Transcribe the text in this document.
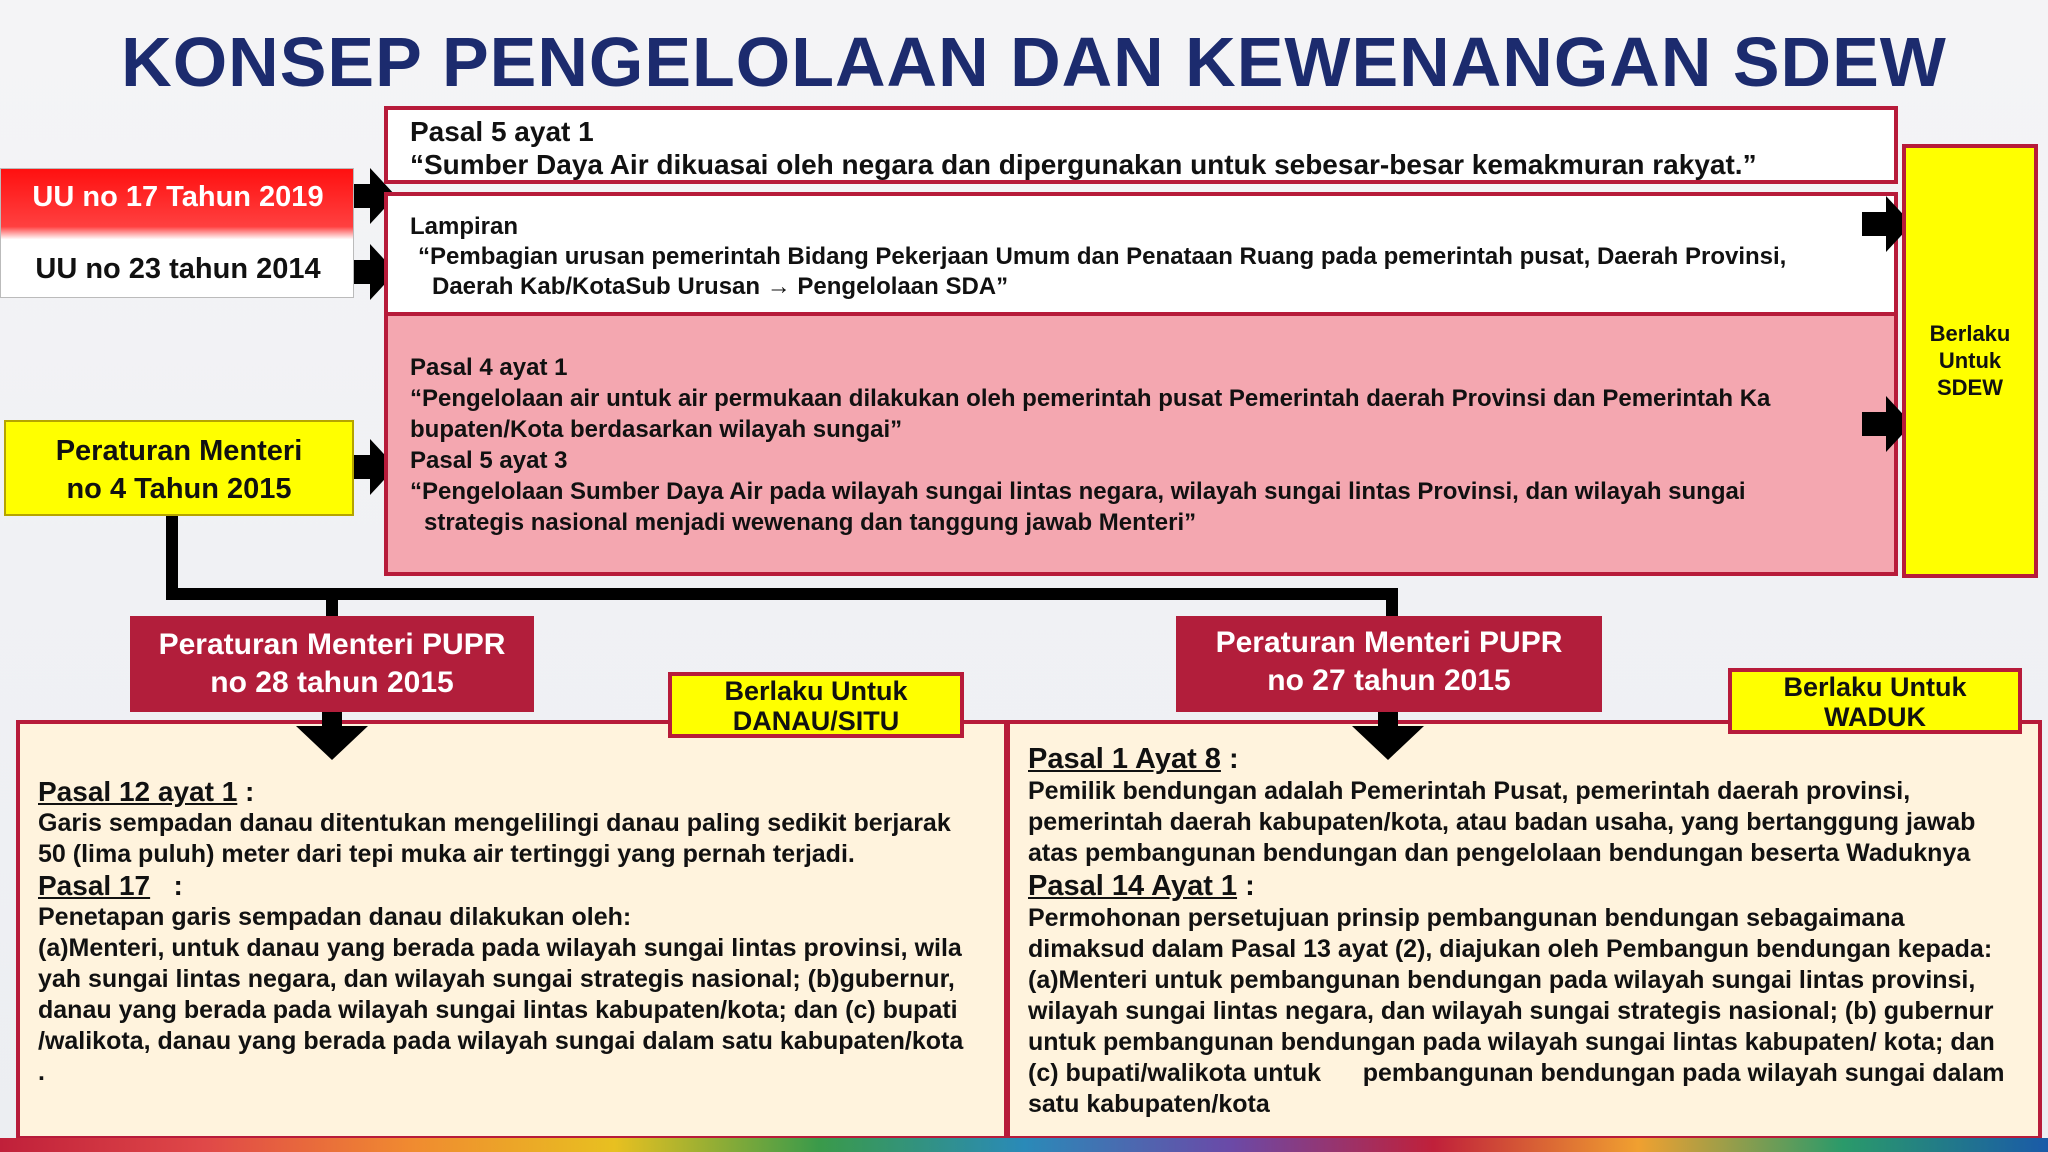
KONSEP PENGELOLAAN DAN KEWENANGAN SDEW
UU no 17 Tahun 2019
UU no 23 tahun 2014
Peraturan Menteri
no 4 Tahun 2015
Pasal 5 ayat 1
“Sumber Daya Air dikuasai oleh negara dan dipergunakan untuk sebesar-besar kemakmuran rakyat.”
Lampiran
“Pembagian urusan pemerintah Bidang Pekerjaan Umum dan Penataan Ruang pada pemerintah pusat, Daerah Provinsi,
Daerah Kab/KotaSub Urusan → Pengelolaan SDA”
Pasal 4 ayat 1
“Pengelolaan air untuk air permukaan dilakukan oleh pemerintah pusat Pemerintah daerah Provinsi dan Pemerintah Ka
bupaten/Kota berdasarkan wilayah sungai”
Pasal 5 ayat 3
“Pengelolaan Sumber Daya Air pada wilayah sungai lintas negara, wilayah sungai lintas Provinsi, dan wilayah sungai
strategis nasional menjadi wewenang dan tanggung jawab Menteri”
Berlaku
Untuk
SDEW
Peraturan Menteri PUPR
no 28 tahun 2015
Peraturan Menteri PUPR
no 27 tahun 2015
Berlaku Untuk
DANAU/SITU
Berlaku Untuk
WADUK
Pasal 12 ayat 1 :
Garis sempadan danau ditentukan mengelilingi danau paling sedikit berjarak
50 (lima puluh) meter dari tepi muka air tertinggi yang pernah terjadi.
Pasal 17   :
Penetapan garis sempadan danau dilakukan oleh:
(a)Menteri, untuk danau yang berada pada wilayah sungai lintas provinsi, wila
yah sungai lintas negara, dan wilayah sungai strategis nasional; (b)gubernur,
danau yang berada pada wilayah sungai lintas kabupaten/kota; dan (c) bupati
/walikota, danau yang berada pada wilayah sungai dalam satu kabupaten/kota
.
Pasal 1 Ayat 8 :
Pemilik bendungan adalah Pemerintah Pusat, pemerintah daerah provinsi,
pemerintah daerah kabupaten/kota, atau badan usaha, yang bertanggung jawab
atas pembangunan bendungan dan pengelolaan bendungan beserta Waduknya
Pasal 14 Ayat 1 :
Permohonan persetujuan prinsip pembangunan bendungan sebagaimana
dimaksud dalam Pasal 13 ayat (2), diajukan oleh Pembangun bendungan kepada:
(a)Menteri untuk pembangunan bendungan pada wilayah sungai lintas provinsi,
wilayah sungai lintas negara, dan wilayah sungai strategis nasional; (b) gubernur
untuk pembangunan bendungan pada wilayah sungai lintas kabupaten/ kota; dan
(c) bupati/walikota untuk      pembangunan bendungan pada wilayah sungai dalam
satu kabupaten/kota
